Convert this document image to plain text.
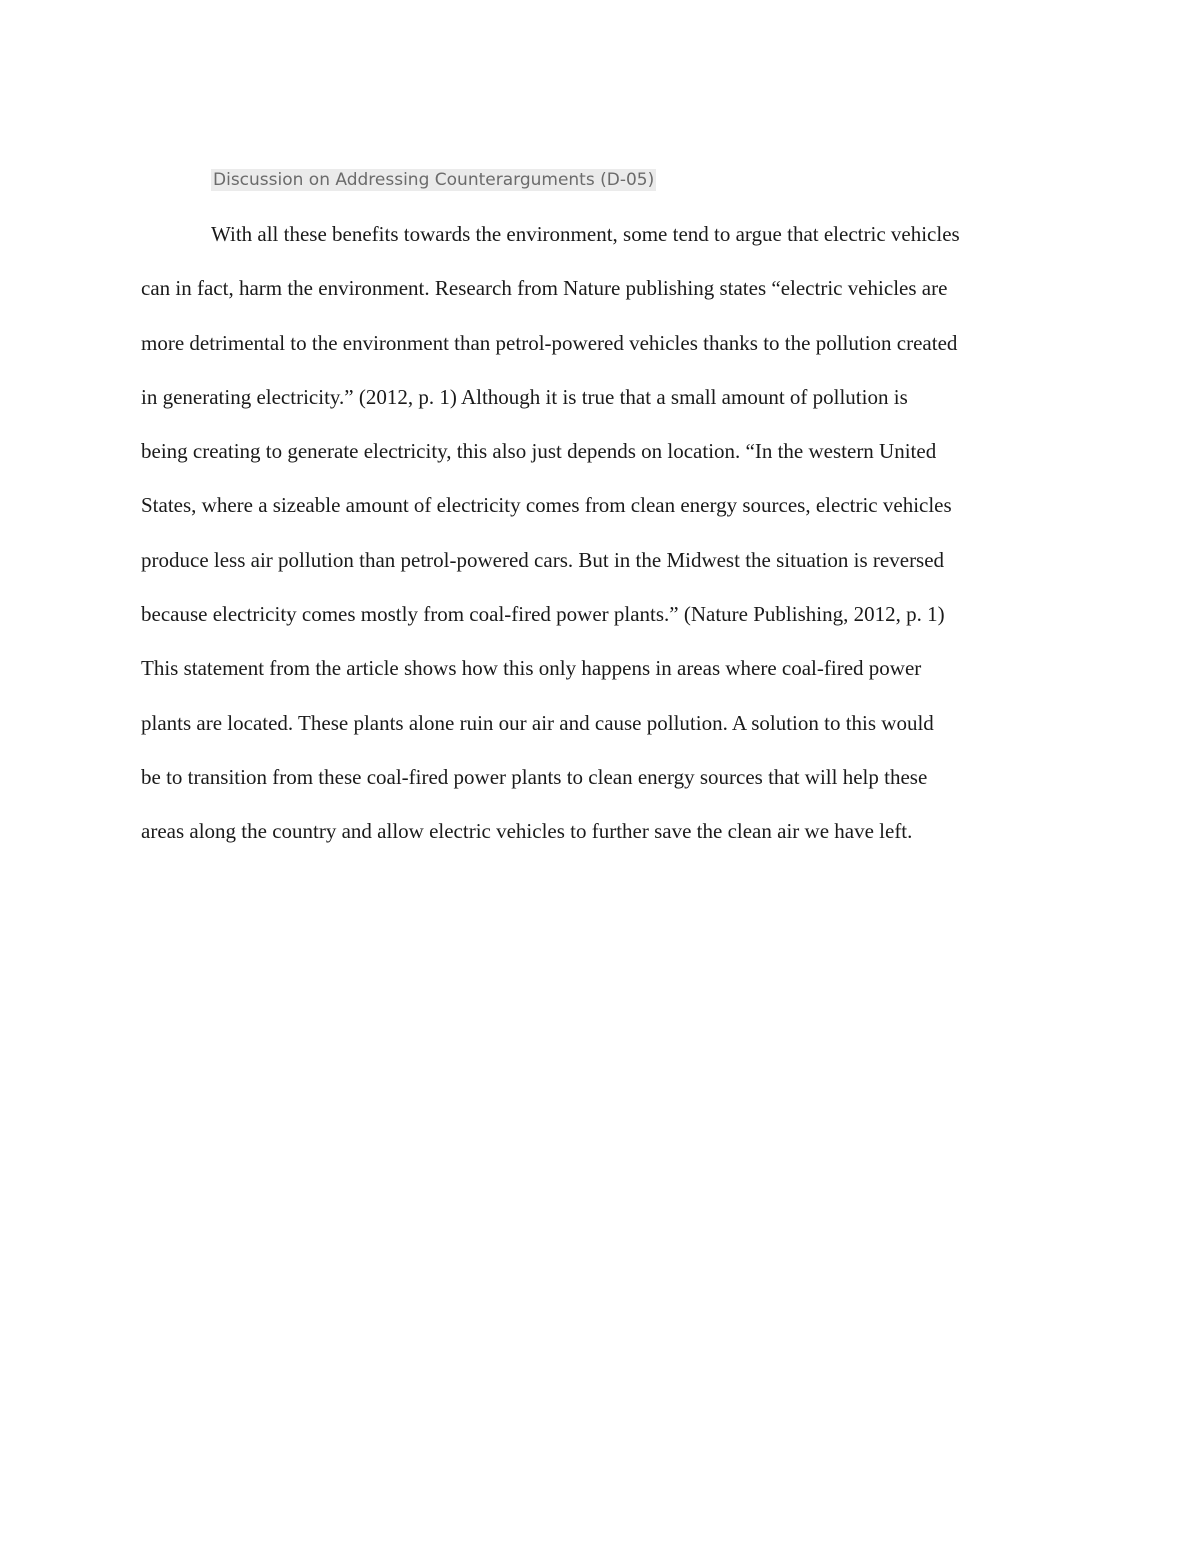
Discussion on Addressing Counterarguments (D-05)
With all these benefits towards the environment, some tend to argue that electric vehicles
can in fact, harm the environment. Research from Nature publishing states “electric vehicles are
more detrimental to the environment than petrol-powered vehicles thanks to the pollution created
in generating electricity.” (2012, p. 1) Although it is true that a small amount of pollution is
being creating to generate electricity, this also just depends on location. “In the western United
States, where a sizeable amount of electricity comes from clean energy sources, electric vehicles
produce less air pollution than petrol-powered cars. But in the Midwest the situation is reversed
because electricity comes mostly from coal-fired power plants.” (Nature Publishing, 2012, p. 1)
This statement from the article shows how this only happens in areas where coal-fired power
plants are located. These plants alone ruin our air and cause pollution. A solution to this would
be to transition from these coal-fired power plants to clean energy sources that will help these
areas along the country and allow electric vehicles to further save the clean air we have left.
